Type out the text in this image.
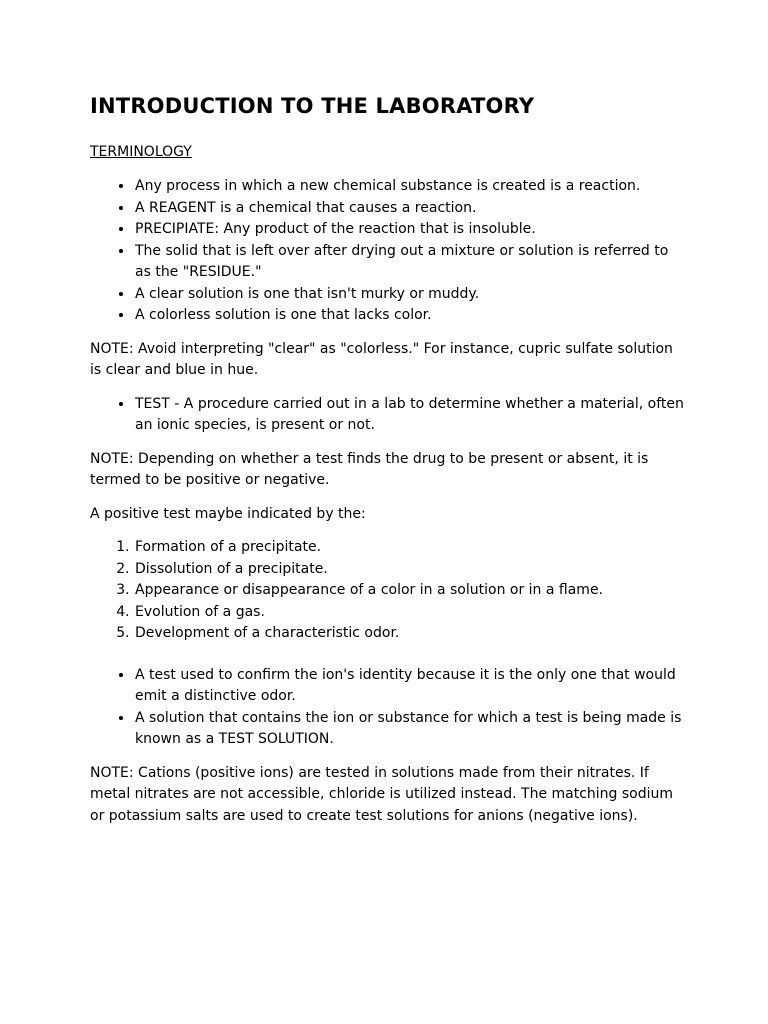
INTRODUCTION TO THE LABORATORY
TERMINOLOGY
• Any process in which a new chemical substance is created is a reaction.
• A REAGENT is a chemical that causes a reaction.
• PRECIPIATE: Any product of the reaction that is insoluble.
• The solid that is left over after drying out a mixture or solution is referred to as the "RESIDUE."
• A clear solution is one that isn't murky or muddy.
• A colorless solution is one that lacks color.

NOTE: Avoid interpreting "clear" as "colorless." For instance, cupric sulfate solution is clear and blue in hue.

• TEST - A procedure carried out in a lab to determine whether a material, often an ionic species, is present or not.

NOTE: Depending on whether a test finds the drug to be present or absent, it is termed to be positive or negative.

A positive test maybe indicated by the:

1. Formation of a precipitate.
2. Dissolution of a precipitate.
3. Appearance or disappearance of a color in a solution or in a flame.
4. Evolution of a gas.
5. Development of a characteristic odor.
• A test used to confirm the ion's identity because it is the only one that would emit a distinctive odor.
• A solution that contains the ion or substance for which a test is being made is known as a TEST SOLUTION.

NOTE: Cations (positive ions) are tested in solutions made from their nitrates. If metal nitrates are not accessible, chloride is utilized instead. The matching sodium or potassium salts are used to create test solutions for anions (negative ions).
